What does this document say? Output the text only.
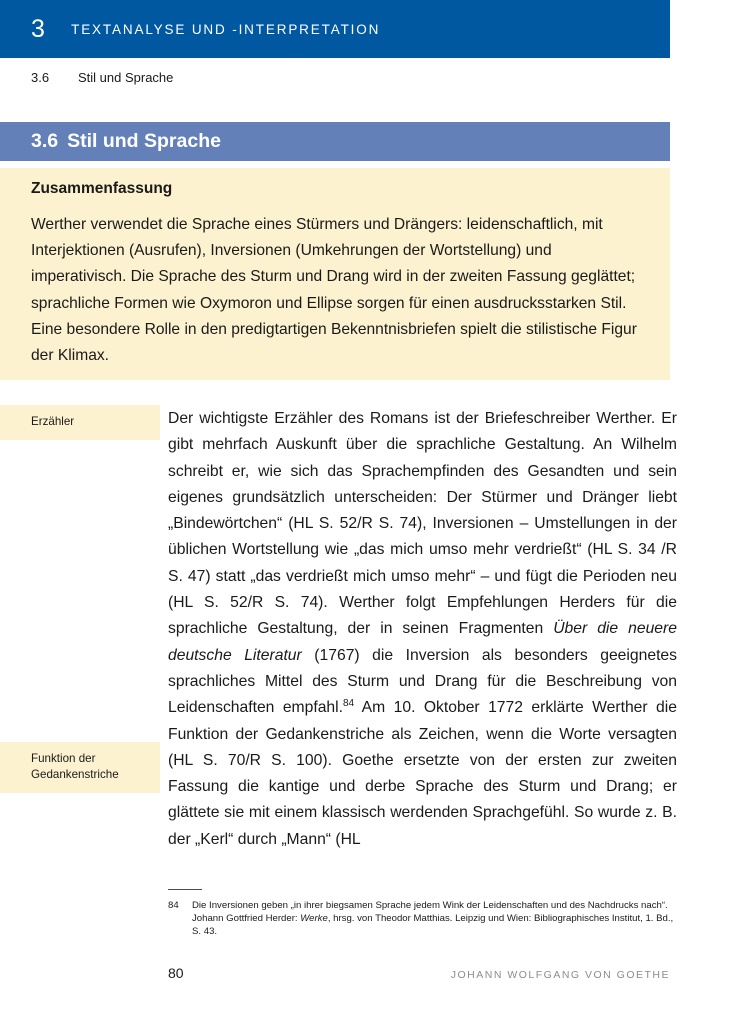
3 TEXTANALYSE UND -INTERPRETATION
3.6 Stil und Sprache
3.6 Stil und Sprache
Zusammenfassung
Werther verwendet die Sprache eines Stürmers und Drängers: leidenschaftlich, mit Interjektionen (Ausrufen), Inversionen (Umkehrungen der Wortstellung) und imperativisch. Die Sprache des Sturm und Drang wird in der zweiten Fassung geglättet; sprachliche Formen wie Oxymoron und Ellipse sorgen für einen ausdrucksstarken Stil. Eine besondere Rolle in den predigtartigen Bekenntnisbriefen spielt die stilistische Figur der Klimax.
Erzähler
Funktion der Gedankenstriche
Der wichtigste Erzähler des Romans ist der Briefeschreiber Werther. Er gibt mehrfach Auskunft über die sprachliche Gestaltung. An Wilhelm schreibt er, wie sich das Sprachempfinden des Gesandten und sein eigenes grundsätzlich unterscheiden: Der Stürmer und Dränger liebt „Bindewörtchen“ (HL S. 52/R S. 74), Inversionen – Umstellungen in der üblichen Wortstellung wie „das mich umso mehr verdrießt“ (HL S. 34 /R S. 47) statt „das verdrießt mich umso mehr“ – und fügt die Perioden neu (HL S. 52/R S. 74). Werther folgt Empfehlungen Herders für die sprachliche Gestaltung, der in seinen Fragmenten Über die neuere deutsche Literatur (1767) die Inversion als besonders geeignetes sprachliches Mittel des Sturm und Drang für die Beschreibung von Leidenschaften empfahl.$^{84}$ Am 10. Oktober 1772 erklärte Werther die Funktion der Gedankenstriche als Zeichen, wenn die Worte versagten (HL S. 70/R S. 100). Goethe ersetzte von der ersten zur zweiten Fassung die kantige und derbe Sprache des Sturm und Drang; er glättete sie mit einem klassisch werdenden Sprachgefühl. So wurde z. B. der „Kerl“ durch „Mann“ (HL
84 Die Inversionen geben „in ihrer biegsamen Sprache jedem Wink der Leidenschaften und des Nachdrucks nach“. Johann Gottfried Herder: Werke, hrsg. von Theodor Matthias. Leipzig und Wien: Bibliographisches Institut, 1. Bd., S. 43.
80	JOHANN WOLFGANG VON GOETHE
